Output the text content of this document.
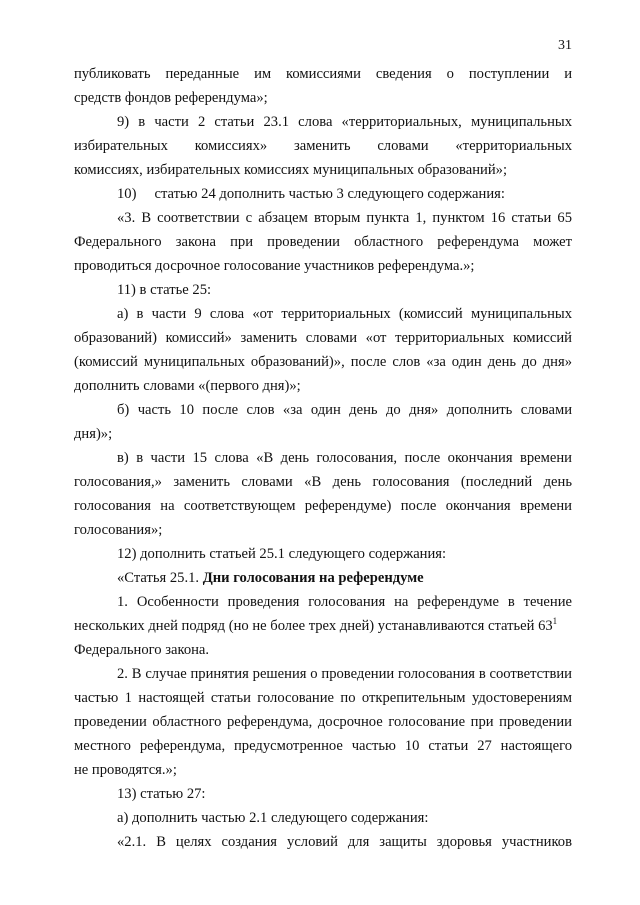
31
публиковать переданные им комиссиями сведения о поступлении и
средств фондов референдума»;
9) в части 2 статьи 23.1 слова «территориальных, муниципальных
избирательных комиссиях» заменить словами «территориальных
комиссиях, избирательных комиссиях муниципальных образований»;
10) статью 24 дополнить частью 3 следующего содержания:
«3. В соответствии с абзацем вторым пункта 1, пунктом 16 статьи 65
Федерального закона при проведении областного референдума может
проводиться досрочное голосование участников референдума.»;
11) в статье 25:
а) в части 9 слова «от территориальных (комиссий муниципальных
образований) комиссий» заменить словами «от территориальных комиссий
(комиссий муниципальных образований)», после слов «за один день до дня»
дополнить словами «(первого дня)»;
б) часть 10 после слов «за один день до дня» дополнить словами
дня)»;
в) в части 15 слова «В день голосования, после окончания времени
голосования,» заменить словами «В день голосования (последний день
голосования на соответствующем референдуме) после окончания времени
голосования»;
12) дополнить статьей 25.1 следующего содержания:
«Статья 25.1. Дни голосования на референдуме
1. Особенности проведения голосования на референдуме в течение
нескольких дней подряд (но не более трех дней) устанавливаются статьей $63^1$
Федерального закона.
2. В случае принятия решения о проведении голосования в соответствии
частью 1 настоящей статьи голосование по открепительным удостоверениям
проведении областного референдума, досрочное голосование при проведении
местного референдума, предусмотренное частью 10 статьи 27 настоящего
не проводятся.»;
13) статью 27:
а) дополнить частью 2.1 следующего содержания:
«2.1. В целях создания условий для защиты здоровья участников
